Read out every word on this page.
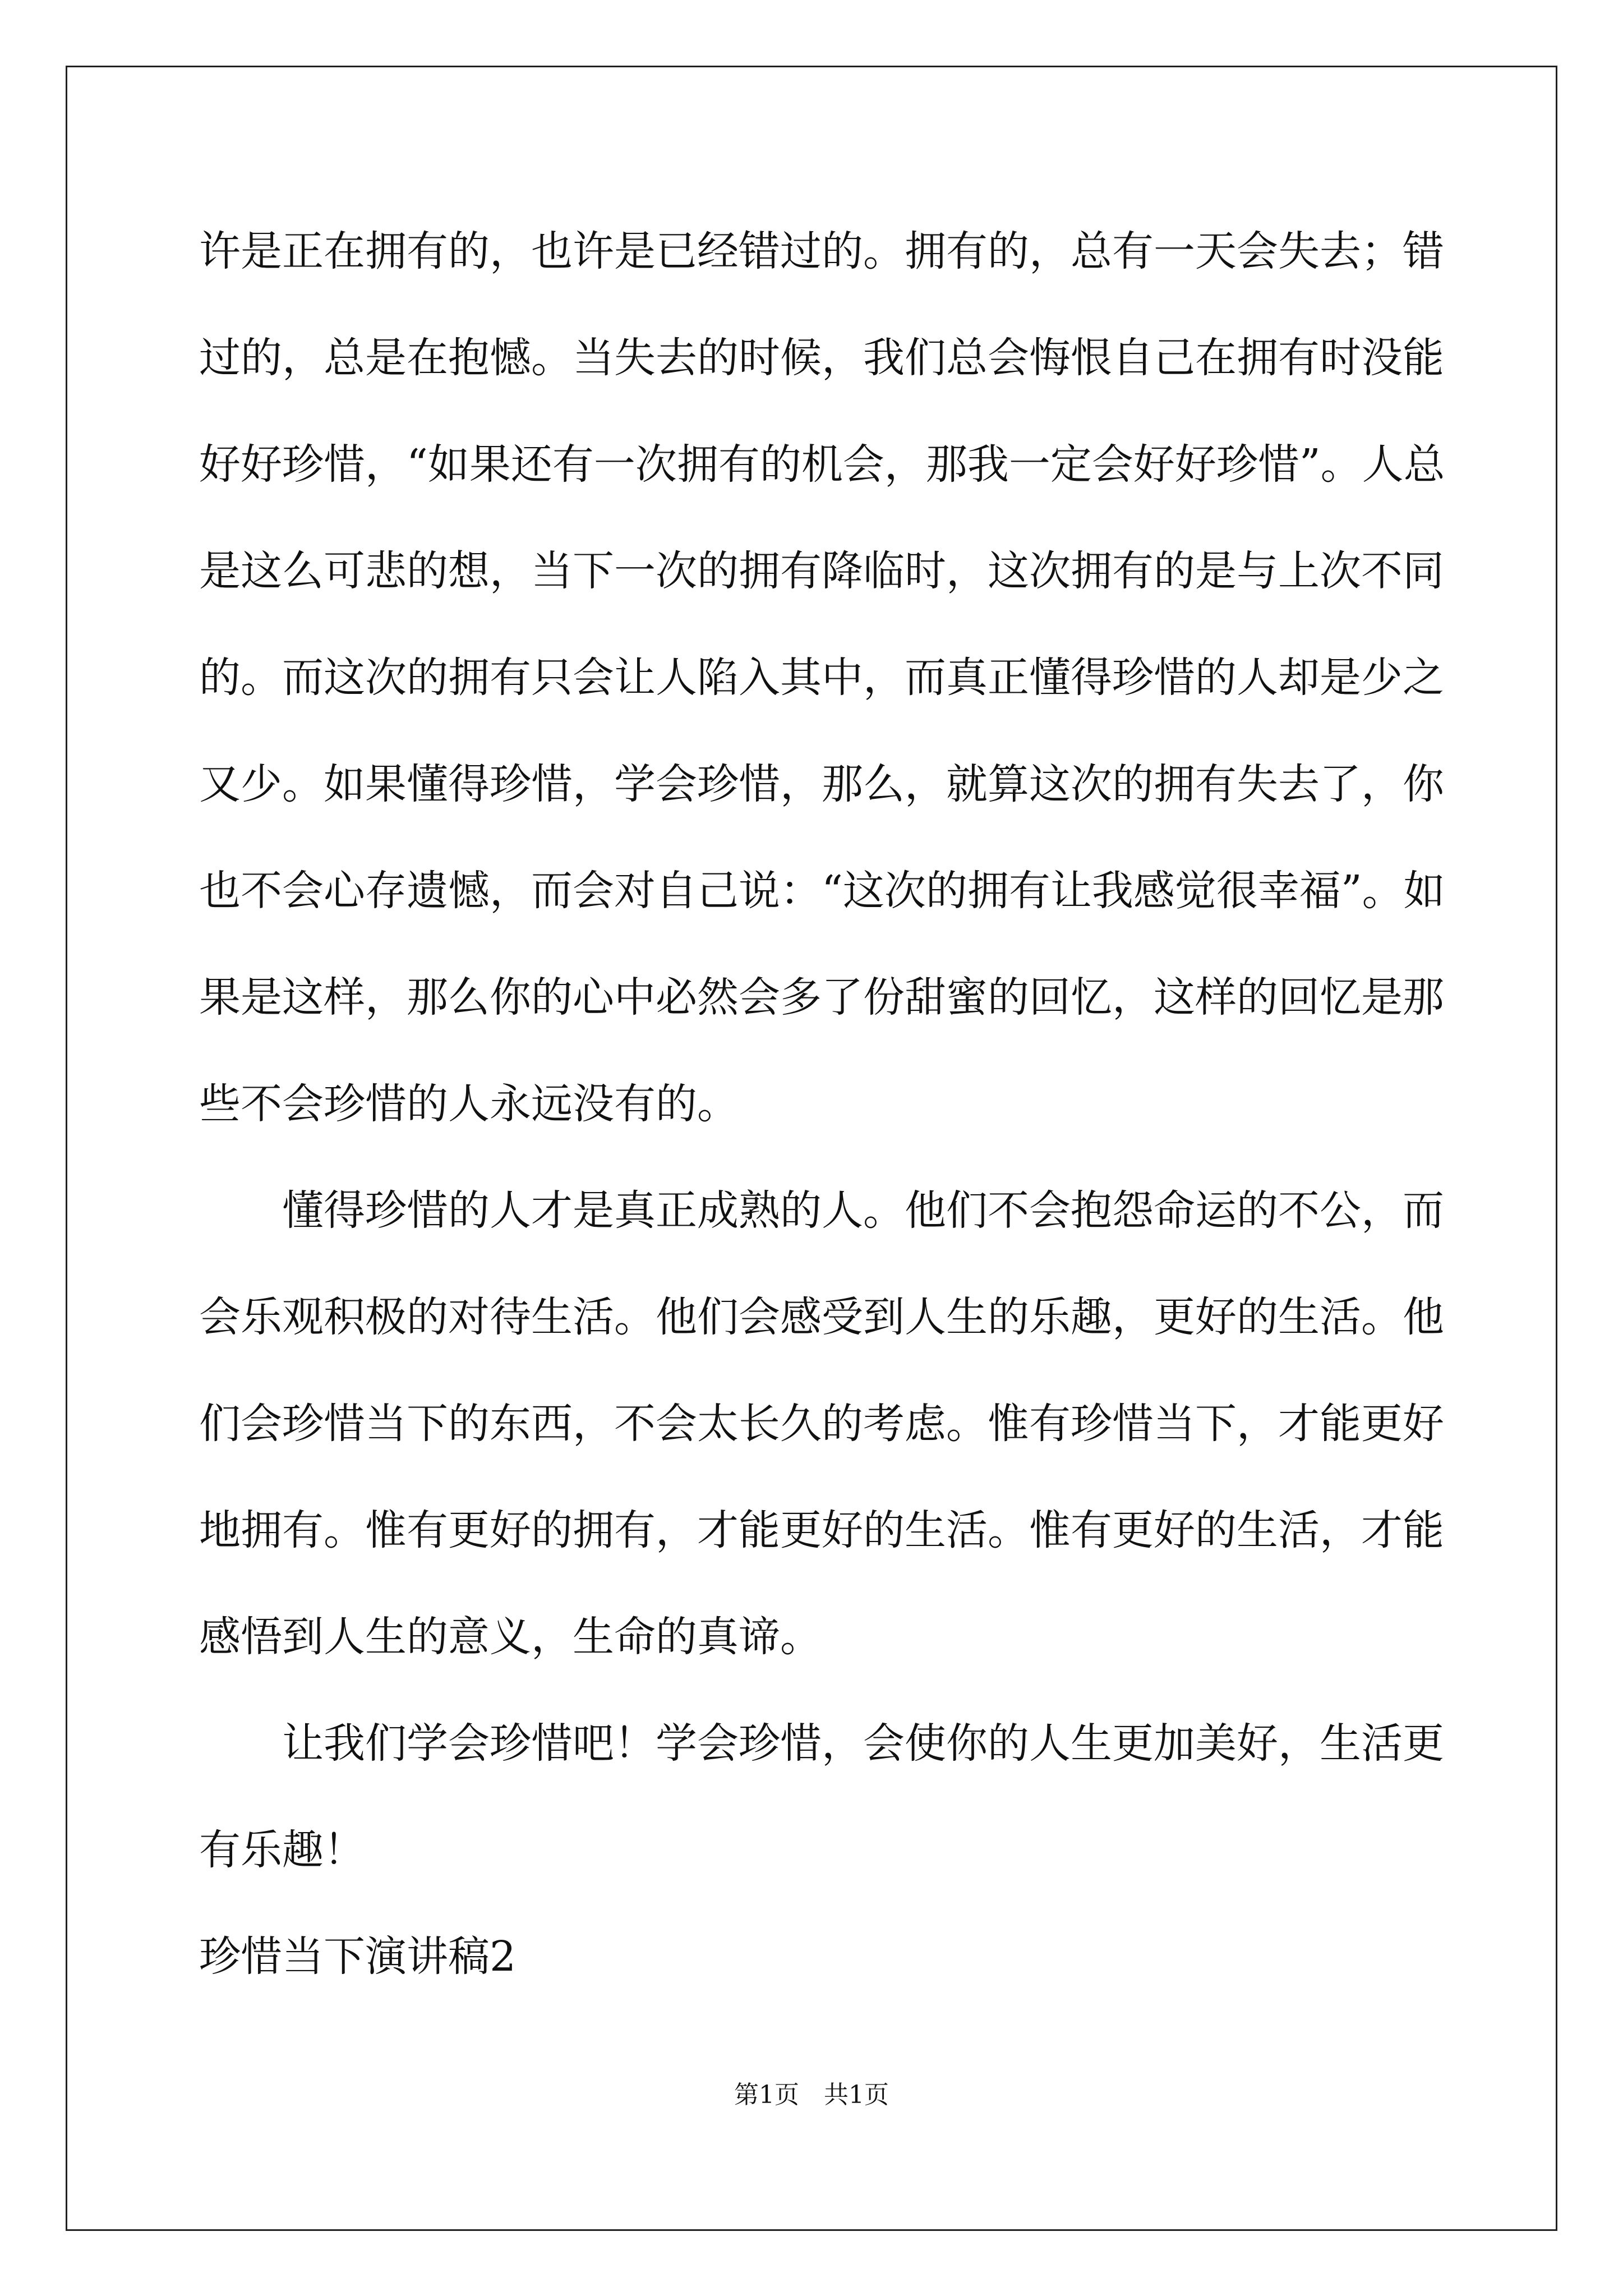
许是正在拥有的，也许是已经错过的。拥有的，总有一天会失去；错
过的，总是在抱憾。当失去的时候，我们总会悔恨自己在拥有时没能
好好珍惜，“如果还有一次拥有的机会，那我一定会好好珍惜”。人总
是这么可悲的想，当下一次的拥有降临时，这次拥有的是与上次不同
的。而这次的拥有只会让人陷入其中，而真正懂得珍惜的人却是少之
又少。如果懂得珍惜，学会珍惜，那么，就算这次的拥有失去了，你
也不会心存遗憾，而会对自己说：“这次的拥有让我感觉很幸福”。如
果是这样，那么你的心中必然会多了份甜蜜的回忆，这样的回忆是那
些不会珍惜的人永远没有的。
懂得珍惜的人才是真正成熟的人。他们不会抱怨命运的不公，而
会乐观积极的对待生活。他们会感受到人生的乐趣，更好的生活。他
们会珍惜当下的东西，不会太长久的考虑。惟有珍惜当下，才能更好
地拥有。惟有更好的拥有，才能更好的生活。惟有更好的生活，才能
感悟到人生的意义，生命的真谛。
让我们学会珍惜吧！学会珍惜，会使你的人生更加美好，生活更
有乐趣！
珍惜当下演讲稿2
第1页　共1页
